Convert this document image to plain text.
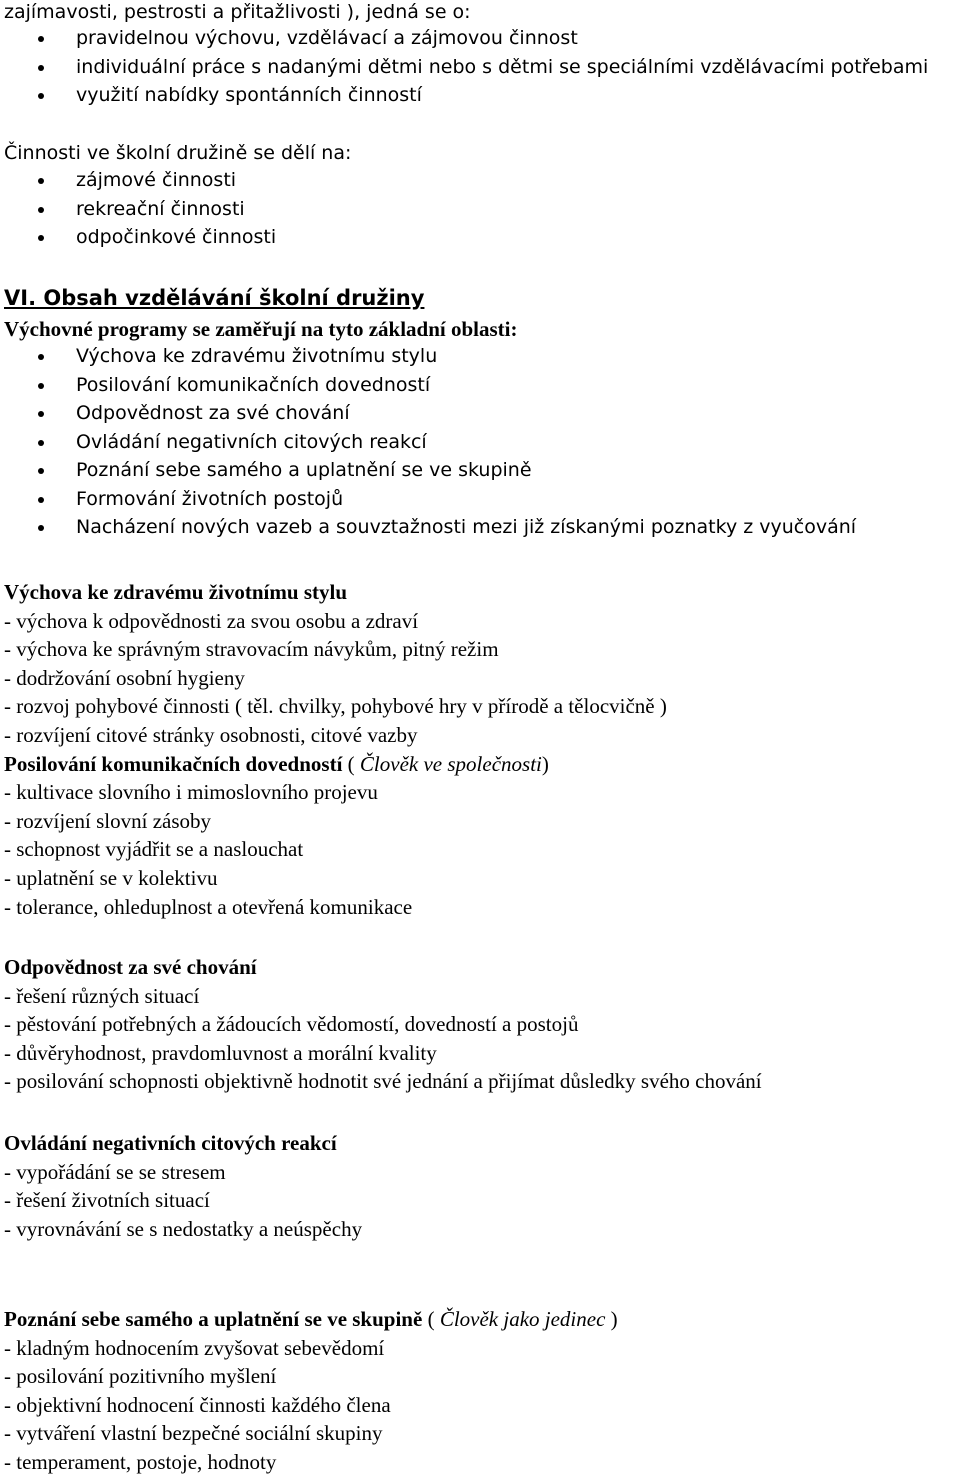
zajímavosti, pestrosti a přitažlivosti ), jedná se o:
pravidelnou výchovu, vzdělávací a zájmovou činnost
individuální práce s nadanými dětmi nebo s dětmi se speciálními vzdělávacími potřebami
využití nabídky spontánních činností
Činnosti ve školní družině se dělí na:
zájmové činnosti
rekreační činnosti
odpočinkové činnosti
VI. Obsah vzdělávání školní družiny
Výchovné programy se zaměřují na tyto základní oblasti:
Výchova ke zdravému životnímu stylu
Posilování komunikačních dovedností
Odpovědnost za své chování
Ovládání negativních citových reakcí
Poznání sebe samého a uplatnění se ve skupině
Formování životních postojů
Nacházení nových vazeb a souvztažnosti mezi již získanými poznatky z vyučování
Výchova ke zdravému životnímu stylu
- výchova k odpovědnosti za svou osobu a zdraví
- výchova ke správným stravovacím návykům, pitný režim
- dodržování osobní hygieny
- rozvoj pohybové činnosti ( těl. chvilky, pohybové hry v přírodě a tělocvičně )
- rozvíjení citové stránky osobnosti, citové vazby
Posilování komunikačních dovedností ( Člověk ve společnosti)
- kultivace slovního i mimoslovního projevu
- rozvíjení slovní zásoby
- schopnost vyjádřit se a naslouchat
- uplatnění se v kolektivu
- tolerance, ohleduplnost a otevřená komunikace
Odpovědnost za své chování
- řešení různých situací
- pěstování potřebných a žádoucích vědomostí, dovedností a postojů
- důvěryhodnost, pravdomluvnost a morální kvality
- posilování schopnosti objektivně hodnotit své jednání a přijímat důsledky svého chování
Ovládání negativních citových reakcí
- vypořádání se se stresem
- řešení životních situací
- vyrovnávání se s nedostatky a neúspěchy
Poznání sebe samého a uplatnění se ve skupině ( Člověk jako jedinec )
- kladným hodnocením zvyšovat sebevědomí
- posilování pozitivního myšlení
- objektivní hodnocení činnosti každého člena
- vytváření vlastní bezpečné sociální skupiny
- temperament, postoje, hodnoty
